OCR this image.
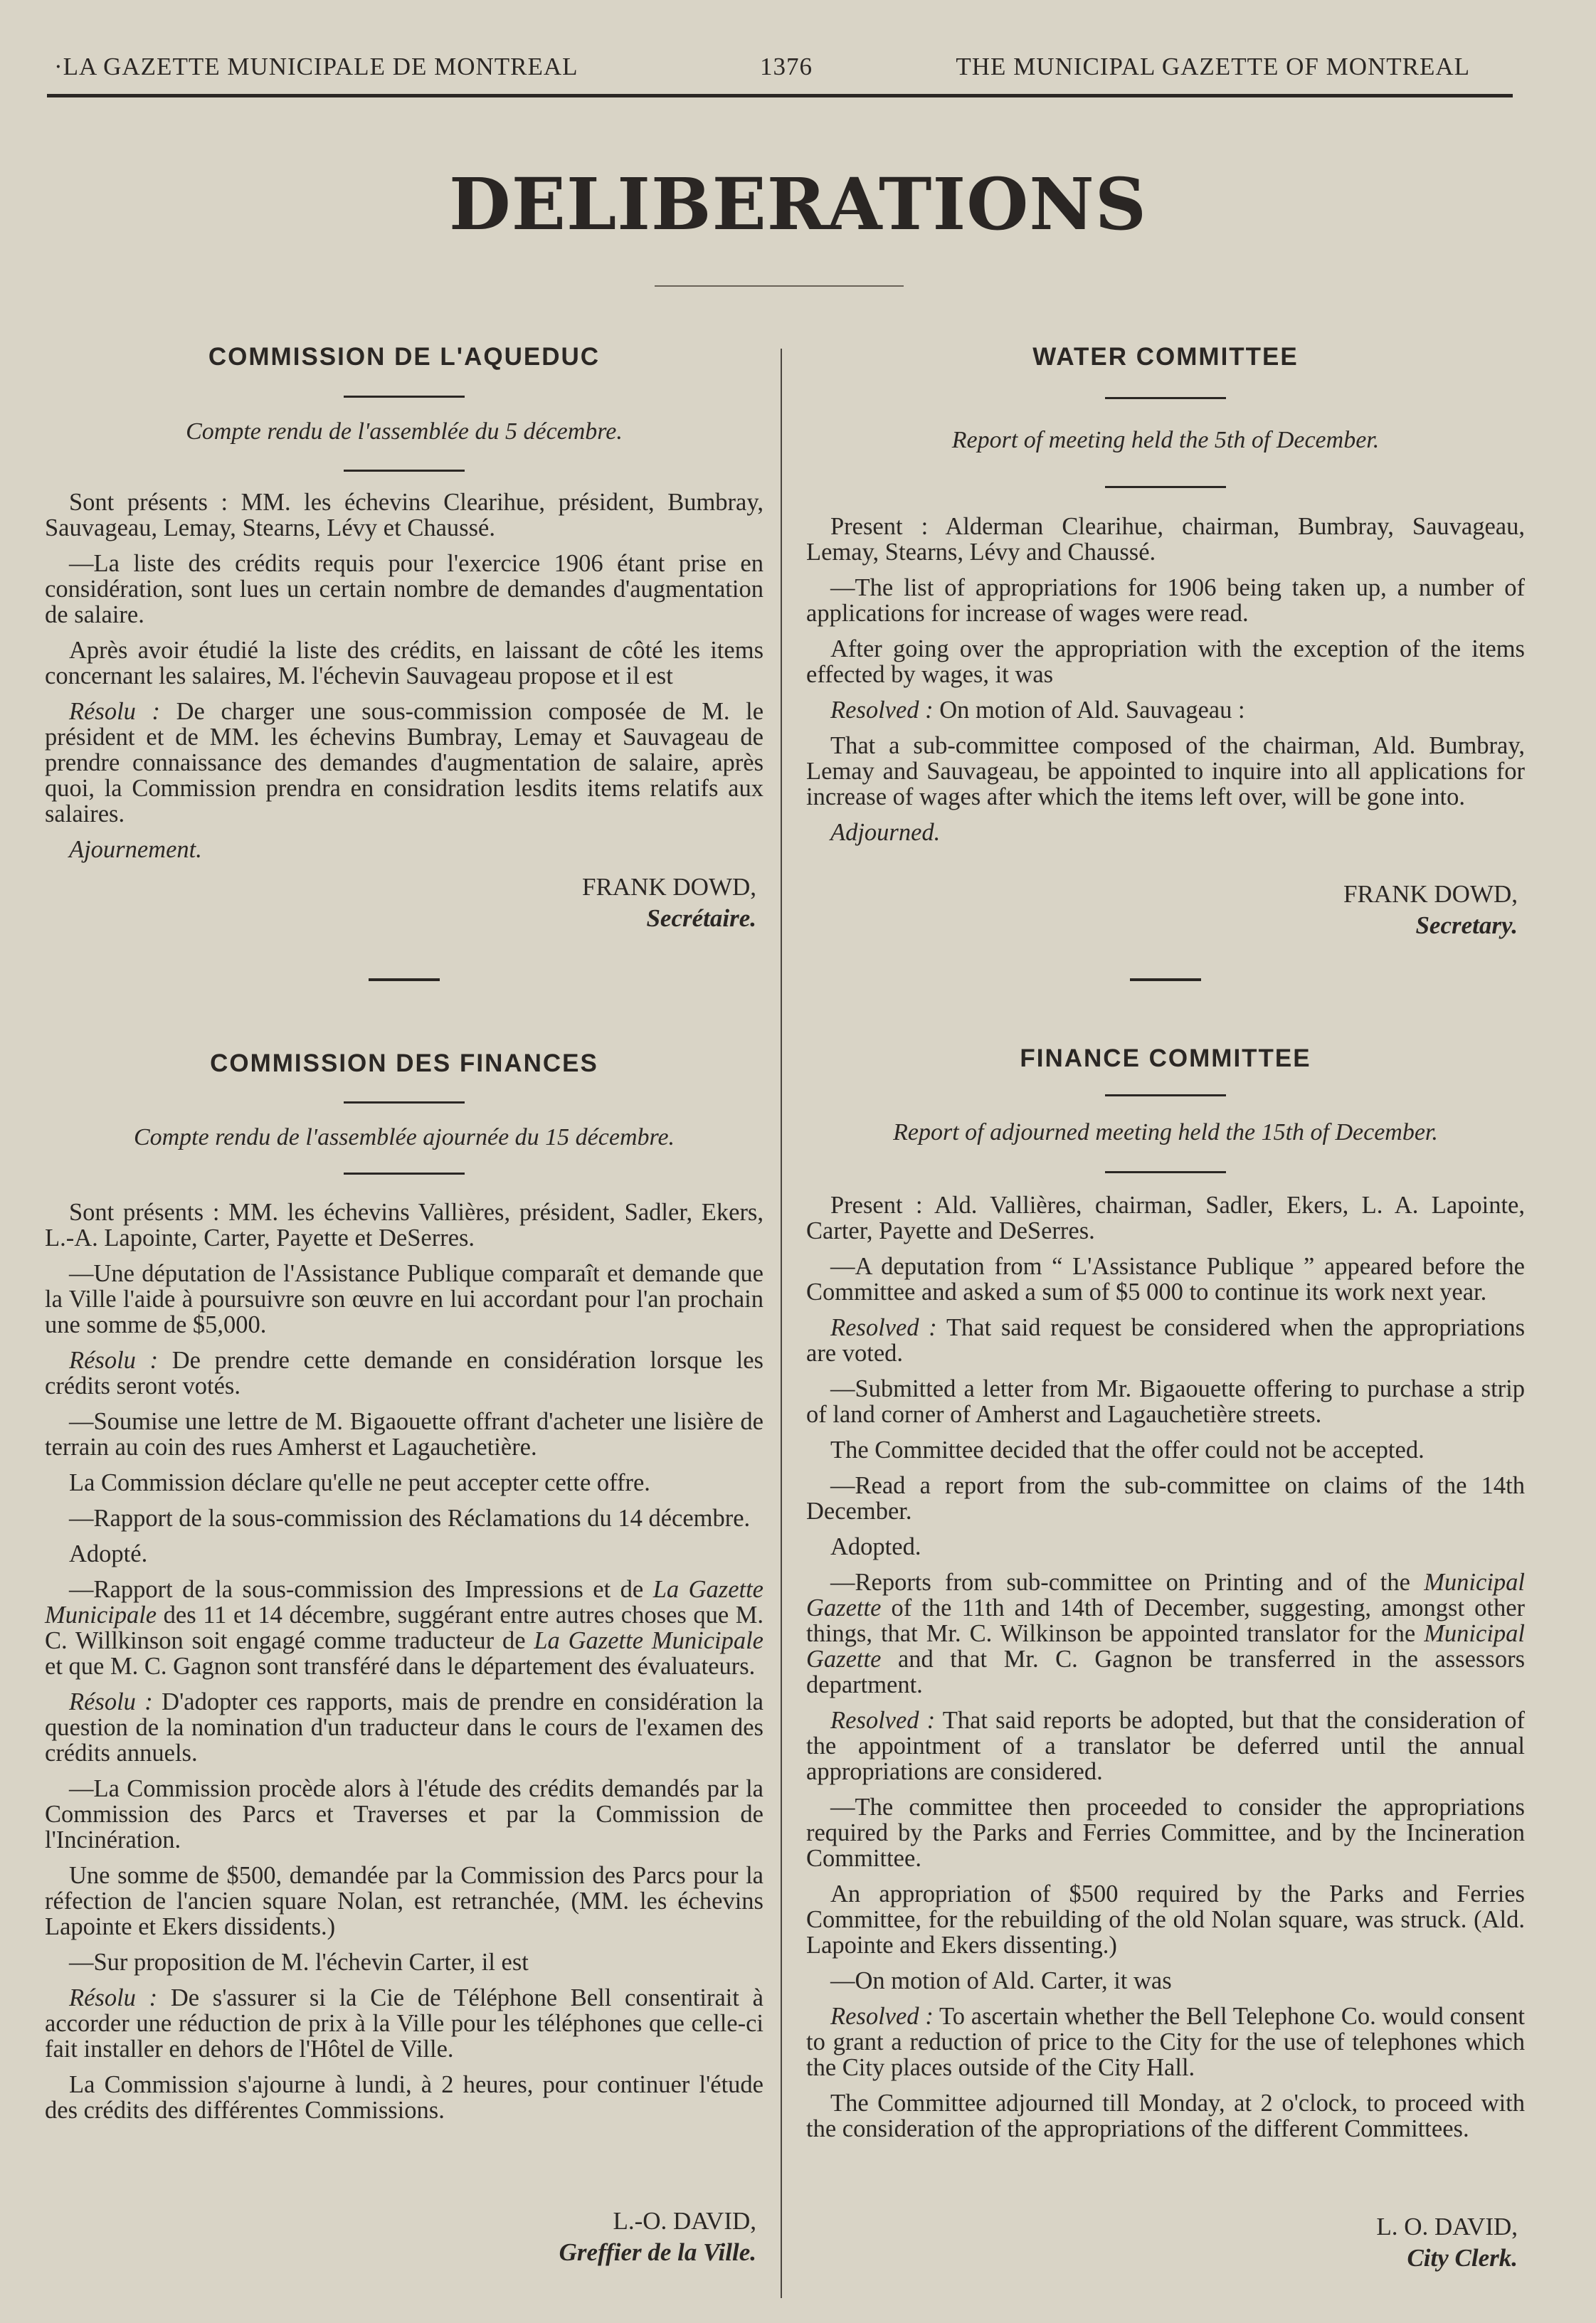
·LA GAZETTE MUNICIPALE DE MONTREAL	1376	THE MUNICIPAL GAZETTE OF MONTREAL
DELIBERATIONS
COMMISSION DE L'AQUEDUC
Compte rendu de l'assemblée du 5 décembre.

Sont présents : MM. les échevins Clearihue, président, Bumbray, Sauvageau, Lemay, Stearns, Lévy et Chaussé.

—La liste des crédits requis pour l'exercice 1906 étant prise en considération, sont lues un certain nombre de demandes d'augmentation de salaire.

Après avoir étudié la liste des crédits, en laissant de côté les items concernant les salaires, M. l'échevin Sauvageau propose et il est

Résolu : De charger une sous-commission composée de M. le président et de MM. les échevins Bumbray, Lemay et Sauvageau de prendre connaissance des demandes d'augmentation de salaire, après quoi, la Commission prendra en considration lesdits items relatifs aux salaires.

Ajournement.

FRANK DOWD,
Secrétaire.
COMMISSION DES FINANCES
Compte rendu de l'assemblée ajournée du 15 décembre.

Sont présents : MM. les échevins Vallières, président, Sadler, Ekers, L.-A. Lapointe, Carter, Payette et DeSerres.

—Une députation de l'Assistance Publique comparaît et demande que la Ville l'aide à poursuivre son œuvre en lui accordant pour l'an prochain une somme de $5,000.

Résolu : De prendre cette demande en considération lorsque les crédits seront votés.

—Soumise une lettre de M. Bigaouette offrant d'acheter une lisière de terrain au coin des rues Amherst et Lagauchetière.

La Commission déclare qu'elle ne peut accepter cette offre.

—Rapport de la sous-commission des Réclamations du 14 décembre.

Adopté.

—Rapport de la sous-commission des Impressions et de La Gazette Municipale des 11 et 14 décembre, suggérant entre autres choses que M. C. Willkinson soit engagé comme traducteur de La Gazette Municipale et que M. C. Gagnon sont transféré dans le département des évaluateurs.

Résolu : D'adopter ces rapports, mais de prendre en considération la question de la nomination d'un traducteur dans le cours de l'examen des crédits annuels.

—La Commission procède alors à l'étude des crédits demandés par la Commission des Parcs et Traverses et par la Commission de l'Incinération.

Une somme de $500, demandée par la Commission des Parcs pour la réfection de l'ancien square Nolan, est retranchée, (MM. les échevins Lapointe et Ekers dissidents.)

—Sur proposition de M. l'échevin Carter, il est

Résolu : De s'assurer si la Cie de Téléphone Bell consentirait à accorder une réduction de prix à la Ville pour les téléphones que celle-ci fait installer en dehors de l'Hôtel de Ville.

La Commission s'ajourne à lundi, à 2 heures, pour continuer l'étude des crédits des différentes Commissions.

L.-O. DAVID,
Greffier de la Ville.
WATER COMMITTEE
Report of meeting held the 5th of December.

Present : Alderman Clearihue, chairman, Bumbray, Sauvageau, Lemay, Stearns, Lévy and Chaussé.

—The list of appropriations for 1906 being taken up, a number of applications for increase of wages were read.

After going over the appropriation with the exception of the items effected by wages, it was

Resolved : On motion of Ald. Sauvageau :

That a sub-committee composed of the chairman, Ald. Bumbray, Lemay and Sauvageau, be appointed to inquire into all applications for increase of wages after which the items left over, will be gone into.

Adjourned.

FRANK DOWD,
Secretary.
FINANCE COMMITTEE
Report of adjourned meeting held the 15th of December.

Present : Ald. Vallières, chairman, Sadler, Ekers, L. A. Lapointe, Carter, Payette and DeSerres.

—A deputation from “ L'Assistance Publique ” appeared before the Committee and asked a sum of $5 000 to continue its work next year.

Resolved : That said request be considered when the appropriations are voted.

—Submitted a letter from Mr. Bigaouette offering to purchase a strip of land corner of Amherst and Lagauchetière streets.

The Committee decided that the offer could not be accepted.

—Read a report from the sub-committee on claims of the 14th December.

Adopted.

—Reports from sub-committee on Printing and of the Municipal Gazette of the 11th and 14th of December, suggesting, amongst other things, that Mr. C. Wilkinson be appointed translator for the Municipal Gazette and that Mr. C. Gagnon be transferred in the assessors department.

Resolved : That said reports be adopted, but that the consideration of the appointment of a translator be deferred until the annual appropriations are considered.

—The committee then proceeded to consider the appropriations required by the Parks and Ferries Committee, and by the Incineration Committee.

An appropriation of $500 required by the Parks and Ferries Committee, for the rebuilding of the old Nolan square, was struck. (Ald. Lapointe and Ekers dissenting.)

—On motion of Ald. Carter, it was

Resolved : To ascertain whether the Bell Telephone Co. would consent to grant a reduction of price to the City for the use of telephones which the City places outside of the City Hall.

The Committee adjourned till Monday, at 2 o'clock, to proceed with the consideration of the appropriations of the different Committees.

L. O. DAVID,
City Clerk.
